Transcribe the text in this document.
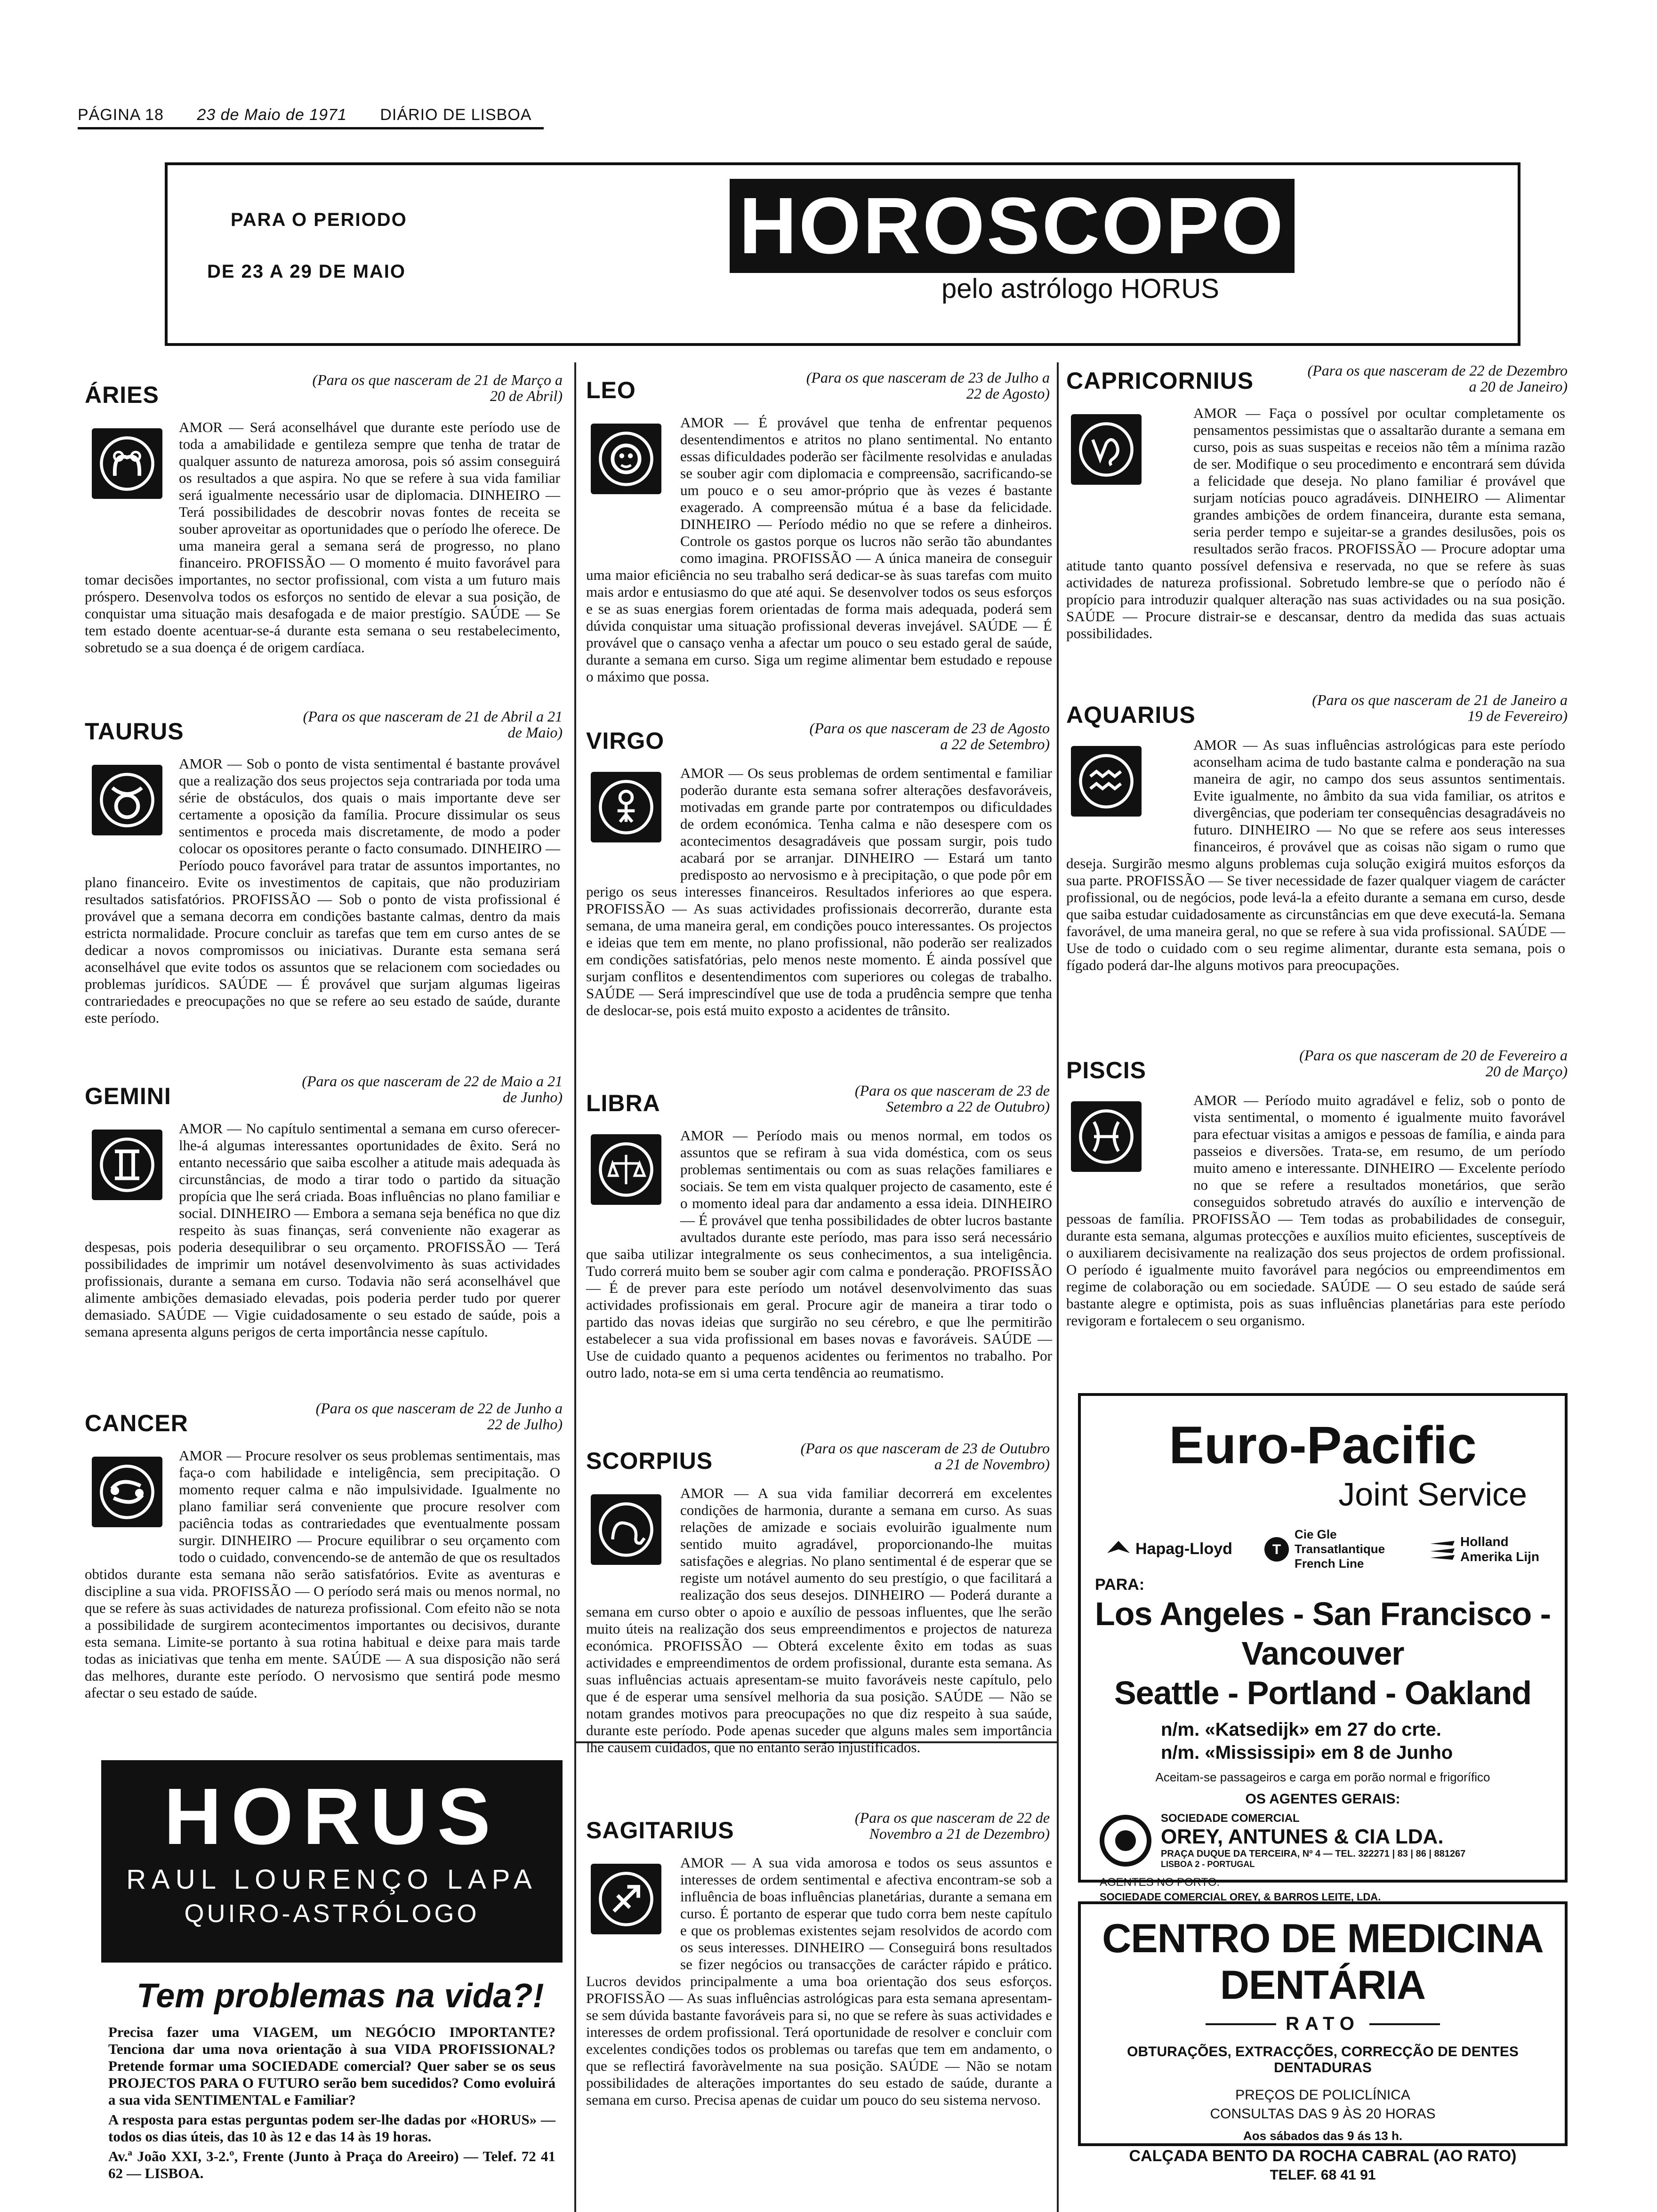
PÁGINA 18 23 de Maio de 1971 DIÁRIO DE LISBOA
PARA O PERIODO
DE 23 A 29 DE MAIO
HOROSCOPO
pelo astrólogo HORUS
ÁRIES
(Para os que nasceram de 21 de Março a 20 de Abril)
AMOR — Será aconselhável que durante este período use de toda a amabilidade e gentileza sempre que tenha de tratar de qualquer assunto de natureza amorosa, pois só assim conseguirá os resultados a que aspira. No que se refere à sua vida familiar será igualmente necessário usar de diplomacia. DINHEIRO — Terá possibilidades de descobrir novas fontes de receita se souber aproveitar as oportunidades que o período lhe oferece. De uma maneira geral a semana será de progresso, no plano financeiro. PROFISSÃO — O momento é muito favorável para tomar decisões importantes, no sector profissional, com vista a um futuro mais próspero. Desenvolva todos os esforços no sentido de elevar a sua posição, de conquistar uma situação mais desafogada e de maior prestígio. SAÚDE — Se tem estado doente acentuar-se-á durante esta semana o seu restabelecimento, sobretudo se a sua doença é de origem cardíaca.
TAURUS
(Para os que nasceram de 21 de Abril a 21 de Maio)
AMOR — Sob o ponto de vista sentimental é bastante provável que a realização dos seus projectos seja contrariada por toda uma série de obstáculos, dos quais o mais importante deve ser certamente a oposição da família. Procure dissimular os seus sentimentos e proceda mais discretamente, de modo a poder colocar os opositores perante o facto consumado. DINHEIRO — Período pouco favorável para tratar de assuntos importantes, no plano financeiro. Evite os investimentos de capitais, que não produziriam resultados satisfatórios. PROFISSÃO — Sob o ponto de vista profissional é provável que a semana decorra em condições bastante calmas, dentro da mais estricta normalidade. Procure concluir as tarefas que tem em curso antes de se dedicar a novos compromissos ou iniciativas. Durante esta semana será aconselhável que evite todos os assuntos que se relacionem com sociedades ou problemas jurídicos. SAÚDE — É provável que surjam algumas ligeiras contrariedades e preocupações no que se refere ao seu estado de saúde, durante este período.
GEMINI
(Para os que nasceram de 22 de Maio a 21 de Junho)
AMOR — No capítulo sentimental a semana em curso oferecer-lhe-á algumas interessantes oportunidades de êxito. Será no entanto necessário que saiba escolher a atitude mais adequada às circunstâncias, de modo a tirar todo o partido da situação propícia que lhe será criada. Boas influências no plano familiar e social. DINHEIRO — Embora a semana seja benéfica no que diz respeito às suas finanças, será conveniente não exagerar as despesas, pois poderia desequilibrar o seu orçamento. PROFISSÃO — Terá possibilidades de imprimir um notável desenvolvimento às suas actividades profissionais, durante a semana em curso. Todavia não será aconselhável que alimente ambições demasiado elevadas, pois poderia perder tudo por querer demasiado. SAÚDE — Vigie cuidadosamente o seu estado de saúde, pois a semana apresenta alguns perigos de certa importância nesse capítulo.
CANCER
(Para os que nasceram de 22 de Junho a 22 de Julho)
AMOR — Procure resolver os seus problemas sentimentais, mas faça-o com habilidade e inteligência, sem precipitação. O momento requer calma e não impulsividade. Igualmente no plano familiar será conveniente que procure resolver com paciência todas as contrariedades que eventualmente possam surgir. DINHEIRO — Procure equilibrar o seu orçamento com todo o cuidado, convencendo-se de antemão de que os resultados obtidos durante esta semana não serão satisfatórios. Evite as aventuras e discipline a sua vida. PROFISSÃO — O período será mais ou menos normal, no que se refere às suas actividades de natureza profissional. Com efeito não se nota a possibilidade de surgirem acontecimentos importantes ou decisivos, durante esta semana. Limite-se portanto à sua rotina habitual e deixe para mais tarde todas as iniciativas que tenha em mente. SAÚDE — A sua disposição não será das melhores, durante este período. O nervosismo que sentirá pode mesmo afectar o seu estado de saúde.
HORUS
RAUL LOURENÇO LAPA
QUIRO-ASTRÓLOGO
Tem problemas na vida?!
Precisa fazer uma VIAGEM, um NEGÓCIO IMPORTANTE? Tenciona dar uma nova orientação à sua VIDA PROFISSIONAL? Pretende formar uma SOCIEDADE comercial? Quer saber se os seus PROJECTOS PARA O FUTURO serão bem sucedidos? Como evoluirá a sua vida SENTIMENTAL e Familiar?
A resposta para estas perguntas podem ser-lhe dadas por «HORUS» — todos os dias úteis, das 10 às 12 e das 14 às 19 horas.
Av.ª João XXI, 3-2.º, Frente (Junto à Praça do Areeiro) — Telef. 72 41 62 — LISBOA.
LEO	(Para os que nasceram de 23 de Julho a 22 de Agosto)
AMOR — É provável que tenha de enfrentar pequenos desentendimentos e atritos no plano sentimental. No entanto essas dificuldades poderão ser fàcilmente resolvidas e anuladas se souber agir com diplomacia e compreensão, sacrificando-se um pouco e o seu amor-próprio que às vezes é bastante exagerado. A compreensão mútua é a base da felicidade. DINHEIRO — Período médio no que se refere a dinheiros. Controle os gastos porque os lucros não serão tão abundantes como imagina. PROFISSÃO — A única maneira de conseguir uma maior eficiência no seu trabalho será dedicar-se às suas tarefas com muito mais ardor e entusiasmo do que até aqui. Se desenvolver todos os seus esforços e se as suas energias forem orientadas de forma mais adequada, poderá sem dúvida conquistar uma situação profissional deveras invejável. SAÚDE — É provável que o cansaço venha a afectar um pouco o seu estado geral de saúde, durante a semana em curso. Siga um regime alimentar bem estudado e repouse o máximo que possa.
VIRGO	(Para os que nasceram de 23 de Agosto a 22 de Setembro)
AMOR — Os seus problemas de ordem sentimental e familiar poderão durante esta semana sofrer alterações desfavoráveis, motivadas em grande parte por contratempos ou dificuldades de ordem económica. Tenha calma e não desespere com os acontecimentos desagradáveis que possam surgir, pois tudo acabará por se arranjar. DINHEIRO — Estará um tanto predisposto ao nervosismo e à precipitação, o que pode pôr em perigo os seus interesses financeiros. Resultados inferiores ao que espera. PROFISSÃO — As suas actividades profissionais decorrerão, durante esta semana, de uma maneira geral, em condições pouco interessantes. Os projectos e ideias que tem em mente, no plano profissional, não poderão ser realizados em condições satisfatórias, pelo menos neste momento. É ainda possível que surjam conflitos e desentendimentos com superiores ou colegas de trabalho. SAÚDE — Será imprescindível que use de toda a prudência sempre que tenha de deslocar-se, pois está muito exposto a acidentes de trânsito.
LIBRA	(Para os que nasceram de 23 de Setembro a 22 de Outubro)
AMOR — Período mais ou menos normal, em todos os assuntos que se refiram à sua vida doméstica, com os seus problemas sentimentais ou com as suas relações familiares e sociais. Se tem em vista qualquer projecto de casamento, este é o momento ideal para dar andamento a essa ideia. DINHEIRO — É provável que tenha possibilidades de obter lucros bastante avultados durante este período, mas para isso será necessário que saiba utilizar integralmente os seus conhecimentos, a sua inteligência. Tudo correrá muito bem se souber agir com calma e ponderação. PROFISSÃO — É de prever para este período um notável desenvolvimento das suas actividades profissionais em geral. Procure agir de maneira a tirar todo o partido das novas ideias que surgirão no seu cérebro, e que lhe permitirão estabelecer a sua vida profissional em bases novas e favoráveis. SAÚDE — Use de cuidado quanto a pequenos acidentes ou ferimentos no trabalho. Por outro lado, nota-se em si uma certa tendência ao reumatismo.
SCORPIUS	(Para os que nasceram de 23 de Outubro a 21 de Novembro)
AMOR — A sua vida familiar decorrerá em excelentes condições de harmonia, durante a semana em curso. As suas relações de amizade e sociais evoluirão igualmente num sentido muito agradável, proporcionando-lhe muitas satisfações e alegrias. No plano sentimental é de esperar que se registe um notável aumento do seu prestígio, o que facilitará a realização dos seus desejos. DINHEIRO — Poderá durante a semana em curso obter o apoio e auxílio de pessoas influentes, que lhe serão muito úteis na realização dos seus empreendimentos e projectos de natureza económica. PROFISSÃO — Obterá excelente êxito em todas as suas actividades e empreendimentos de ordem profissional, durante esta semana. As suas influências actuais apresentam-se muito favoráveis neste capítulo, pelo que é de esperar uma sensível melhoria da sua posição. SAÚDE — Não se notam grandes motivos para preocupações no que diz respeito à sua saúde, durante este período. Pode apenas suceder que alguns males sem importância lhe causem cuidados, que no entanto serão injustificados.
SAGITARIUS	(Para os que nasceram de 22 de Novembro a 21 de Dezembro)
AMOR — A sua vida amorosa e todos os seus assuntos e interesses de ordem sentimental e afectiva encontram-se sob a influência de boas influências planetárias, durante a semana em curso. É portanto de esperar que tudo corra bem neste capítulo e que os problemas existentes sejam resolvidos de acordo com os seus interesses. DINHEIRO — Conseguirá bons resultados se fizer negócios ou transacções de carácter rápido e prático. Lucros devidos principalmente a uma boa orientação dos seus esforços. PROFISSÃO — As suas influências astrológicas para esta semana apresentam-se sem dúvida bastante favoráveis para si, no que se refere às suas actividades e interesses de ordem profissional. Terá oportunidade de resolver e concluir com excelentes condições todos os problemas ou tarefas que tem em andamento, o que se reflectirá favoràvelmente na sua posição. SAÚDE — Não se notam possibilidades de alterações importantes do seu estado de saúde, durante a semana em curso. Precisa apenas de cuidar um pouco do seu sistema nervoso.
CAPRICORNIUS	(Para os que nasceram de 22 de Dezembro a 20 de Janeiro)
AMOR — Faça o possível por ocultar completamente os pensamentos pessimistas que o assaltarão durante a semana em curso, pois as suas suspeitas e receios não têm a mínima razão de ser. Modifique o seu procedimento e encontrará sem dúvida a felicidade que deseja. No plano familiar é provável que surjam notícias pouco agradáveis. DINHEIRO — Alimentar grandes ambições de ordem financeira, durante esta semana, seria perder tempo e sujeitar-se a grandes desilusões, pois os resultados serão fracos. PROFISSÃO — Procure adoptar uma atitude tanto quanto possível defensiva e reservada, no que se refere às suas actividades de natureza profissional. Sobretudo lembre-se que o período não é propício para introduzir qualquer alteração nas suas actividades ou na sua posição. SAÚDE — Procure distrair-se e descansar, dentro da medida das suas actuais possibilidades.
AQUARIUS
(Para os que nasceram de 21 de Janeiro a 19 de Fevereiro)
AMOR — As suas influências astrológicas para este período aconselham acima de tudo bastante calma e ponderação na sua maneira de agir, no campo dos seus assuntos sentimentais. Evite igualmente, no âmbito da sua vida familiar, os atritos e divergências, que poderiam ter consequências desagradáveis no futuro. DINHEIRO — No que se refere aos seus interesses financeiros, é provável que as coisas não sigam o rumo que deseja. Surgirão mesmo alguns problemas cuja solução exigirá muitos esforços da sua parte. PROFISSÃO — Se tiver necessidade de fazer qualquer viagem de carácter profissional, ou de negócios, pode levá-la a efeito durante a semana em curso, desde que saiba estudar cuidadosamente as circunstâncias em que deve executá-la. Semana favorável, de uma maneira geral, no que se refere à sua vida profissional. SAÚDE — Use de todo o cuidado com o seu regime alimentar, durante esta semana, pois o fígado poderá dar-lhe alguns motivos para preocupações.
PISCIS
(Para os que nasceram de 20 de Fevereiro a 20 de Março)
AMOR — Período muito agradável e feliz, sob o ponto de vista sentimental, o momento é igualmente muito favorável para efectuar visitas a amigos e pessoas de família, e ainda para passeios e diversões. Trata-se, em resumo, de um período muito ameno e interessante. DINHEIRO — Excelente período no que se refere a resultados monetários, que serão conseguidos sobretudo através do auxílio e intervenção de pessoas de família. PROFISSÃO — Tem todas as probabilidades de conseguir, durante esta semana, algumas protecções e auxílios muito eficientes, susceptíveis de o auxiliarem decisivamente na realização dos seus projectos de ordem profissional. O período é igualmente muito favorável para negócios ou empreendimentos em regime de colaboração ou em sociedade. SAÚDE — O seu estado de saúde será bastante alegre e optimista, pois as suas influências planetárias para este período revigoram e fortalecem o seu organismo.
Euro-Pacific
Joint Service
Hapag-Lloyd	T
Cie Gle Transatlantique French Line
Holland Amerika Lijn
PARA:
Los Angeles - San Francisco - Vancouver
Seattle - Portland - Oakland
n/m. «Katsedijk» em 27 do crte.
n/m. «Mississipi» em 8 de Junho
Aceitam-se passageiros e carga em porão normal e frigorífico
OS AGENTES GERAIS:
SOCIEDADE COMERCIAL
OREY, ANTUNES & CIA LDA.
PRAÇA DUQUE DA TERCEIRA, Nº 4 — TEL. 322271 | 83 | 86 | 881267
LISBOA 2 - PORTUGAL
AGENTES NO PORTO:
SOCIEDADE COMERCIAL OREY, & BARROS LEITE, LDA.
CENTRO DE MEDICINA DENTÁRIA
RATO
OBTURAÇÕES, EXTRACÇÕES, CORRECÇÃO DE DENTES DENTADURAS
PREÇOS DE POLICLÍNICA
CONSULTAS DAS 9 ÀS 20 HORAS
Aos sábados das 9 ás 13 h.
CALÇADA BENTO DA ROCHA CABRAL (AO RATO)
TELEF. 68 41 91
